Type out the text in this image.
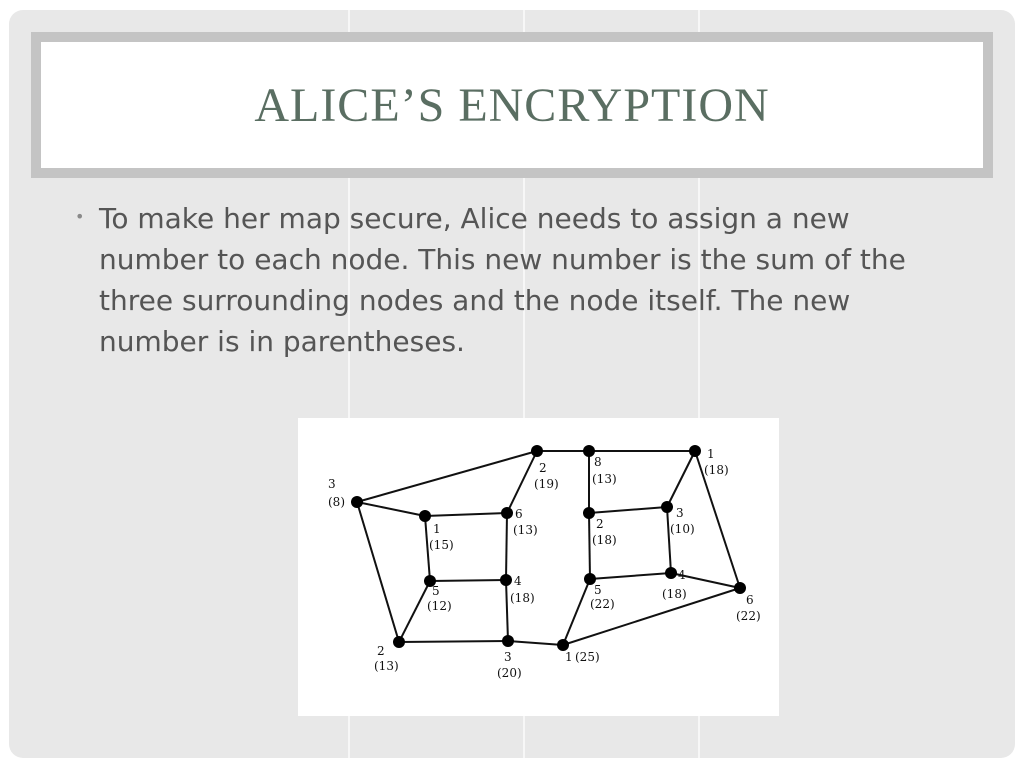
ALICE’S ENCRYPTION
• To make her map secure, Alice needs to assign a new number to each node. This new number is the sum of the three surrounding nodes and the node itself. The new number is in parentheses.
3
(8)
1
(15)
6
(13)
5
(12)
4
(18)
2
(13)
3
(20)
2
(19)
8
(13)
2
(18)
5
(22)
1 (25)
1
(18)
3
(10)
4
(18)	6
(22)
